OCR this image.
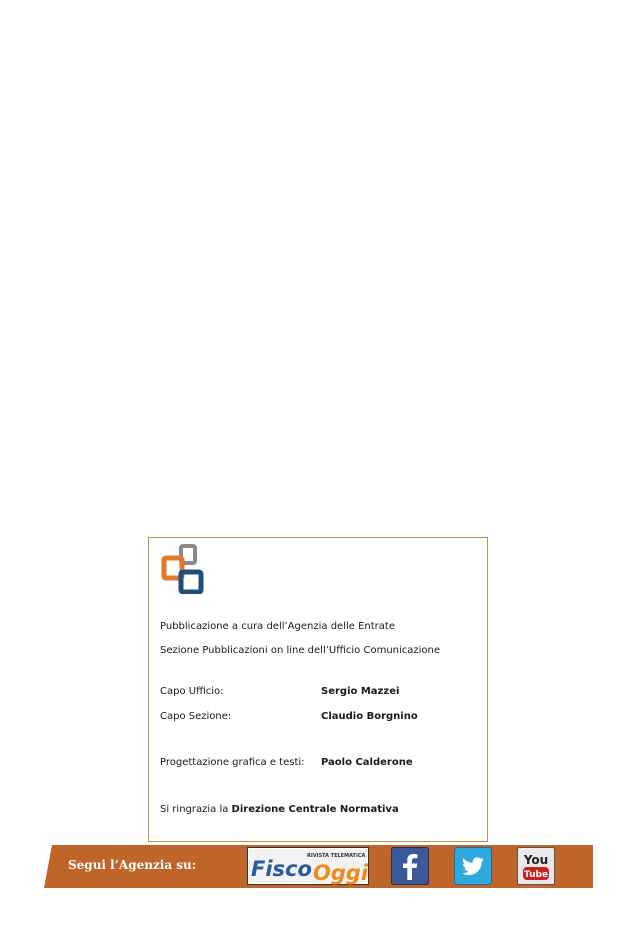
Pubblicazione a cura dell’Agenzia delle Entrate
Sezione Pubblicazioni on line dell’Ufficio Comunicazione
Capo Ufficio:	Sergio Mazzei
Capo Sezione:	Claudio Borgnino
Progettazione grafica e testi: Paolo Calderone
Si ringrazia la Direzione Centrale Normativa
Segui l’Agenzia su:
RIVISTA TELEMATICA
Fisco Oggi
You
Tube
